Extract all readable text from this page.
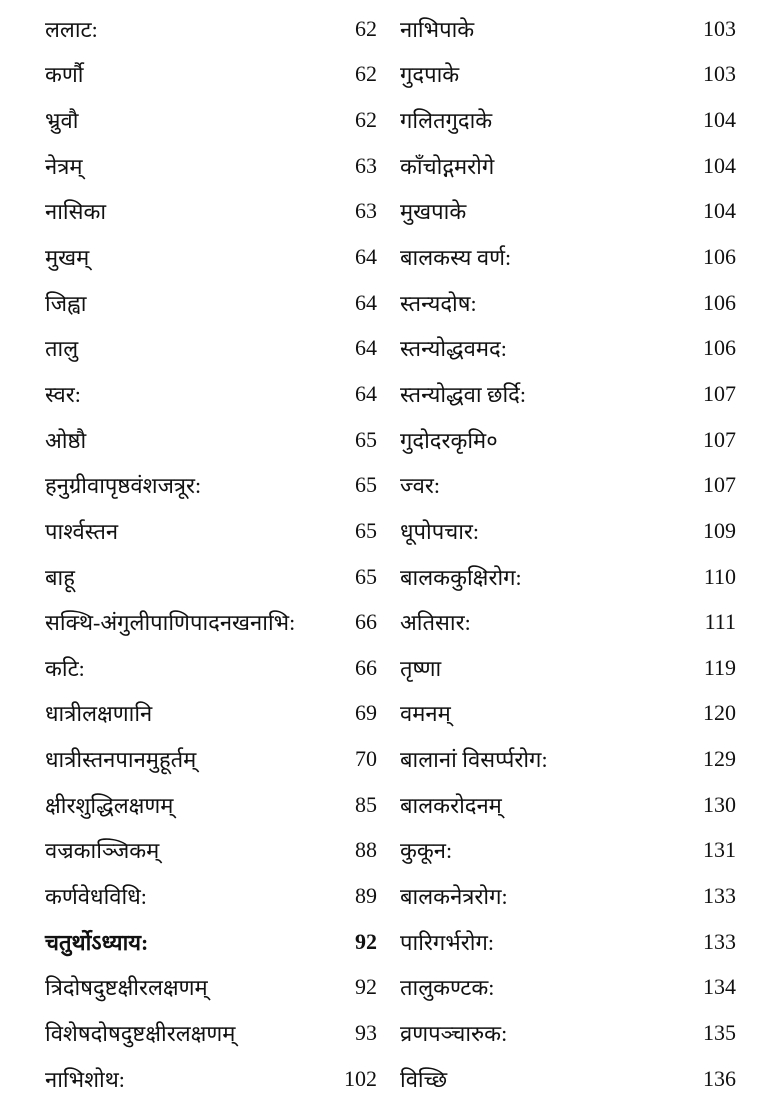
ललाट:	62
कर्णौ	62
भ्रुवौ	62
नेत्रम्	63
नासिका	63
मुखम्	64
जिह्वा	64
तालु	64
स्वर:	64
ओष्ठौ	65
हनुग्रीवापृष्ठवंशजत्रूर:	65
पार्श्वस्तन	65
बाहू	65
सक्थि-अंगुलीपाणिपादनखनाभि:	66
कटि:	66
धात्रीलक्षणानि	69
धात्रीस्तनपानमुहूर्तम्	70
क्षीरशुद्धिलक्षणम्	85
वज्रकाञ्जिकम्	88
कर्णवेधविधि:	89
चतुर्थोऽध्याय:	92
त्रिदोषदुष्टक्षीरलक्षणम्	92
विशेषदोषदुष्टक्षीरलक्षणम्	93
नाभिशोथ:	102
नाभिपाके	103
गुदपाके	103
गलितगुदाके	104
काँचोद्गमरोगे	104
मुखपाके	104
बालकस्य वर्ण:	106
स्तन्यदोष:	106
स्तन्योद्धवमद:	106
स्तन्योद्धवा छर्दि:	107
गुदोदरकृमि०	107
ज्वर:	107
धूपोपचार:	109
बालककुक्षिरोग:	110
अतिसार:	111
तृष्णा	119
वमनम्	120
बालानां विसर्प्परोग:	129
बालकरोदनम्	130
कुकून:	131
बालकनेत्ररोग:	133
पारिगर्भरोग:	133
तालुकण्टक:	134
व्रणपञ्चारुक:	135
विच्छि	136
